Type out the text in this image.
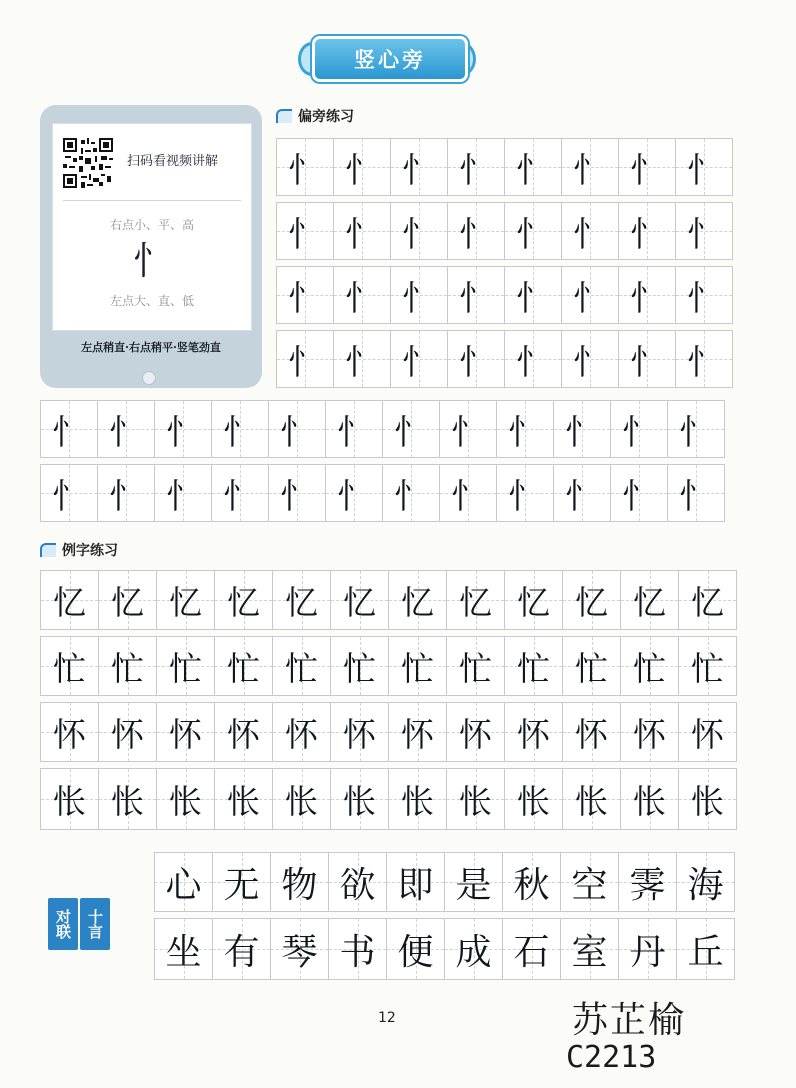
竖心旁
扫码看视频讲解
右点小、平、高
忄
左点大、直、低
左点稍直·右点稍平·竖笔劲直
偏旁练习
忄 忄 忄 忄 忄 忄 忄 忄
忄 忄 忄 忄 忄 忄 忄 忄
忄 忄 忄 忄 忄 忄 忄 忄
忄 忄 忄 忄 忄 忄 忄 忄
忄 忄 忄 忄 忄 忄 忄 忄 忄 忄 忄 忄
忄 忄 忄 忄 忄 忄 忄 忄 忄 忄 忄 忄
例字练习
忆 忆 忆 忆 忆 忆 忆 忆 忆 忆 忆 忆
忙 忙 忙 忙 忙 忙 忙 忙 忙 忙 忙 忙
怀 怀 怀 怀 怀 怀 怀 怀 怀 怀 怀 怀
怅 怅 怅 怅 怅 怅 怅 怅 怅 怅 怅 怅
对联 十言
心 无 物 欲 即 是 秋 空 霁 海
坐 有 琴 书 便 成 石 室 丹 丘
12	苏芷榆
C2213
